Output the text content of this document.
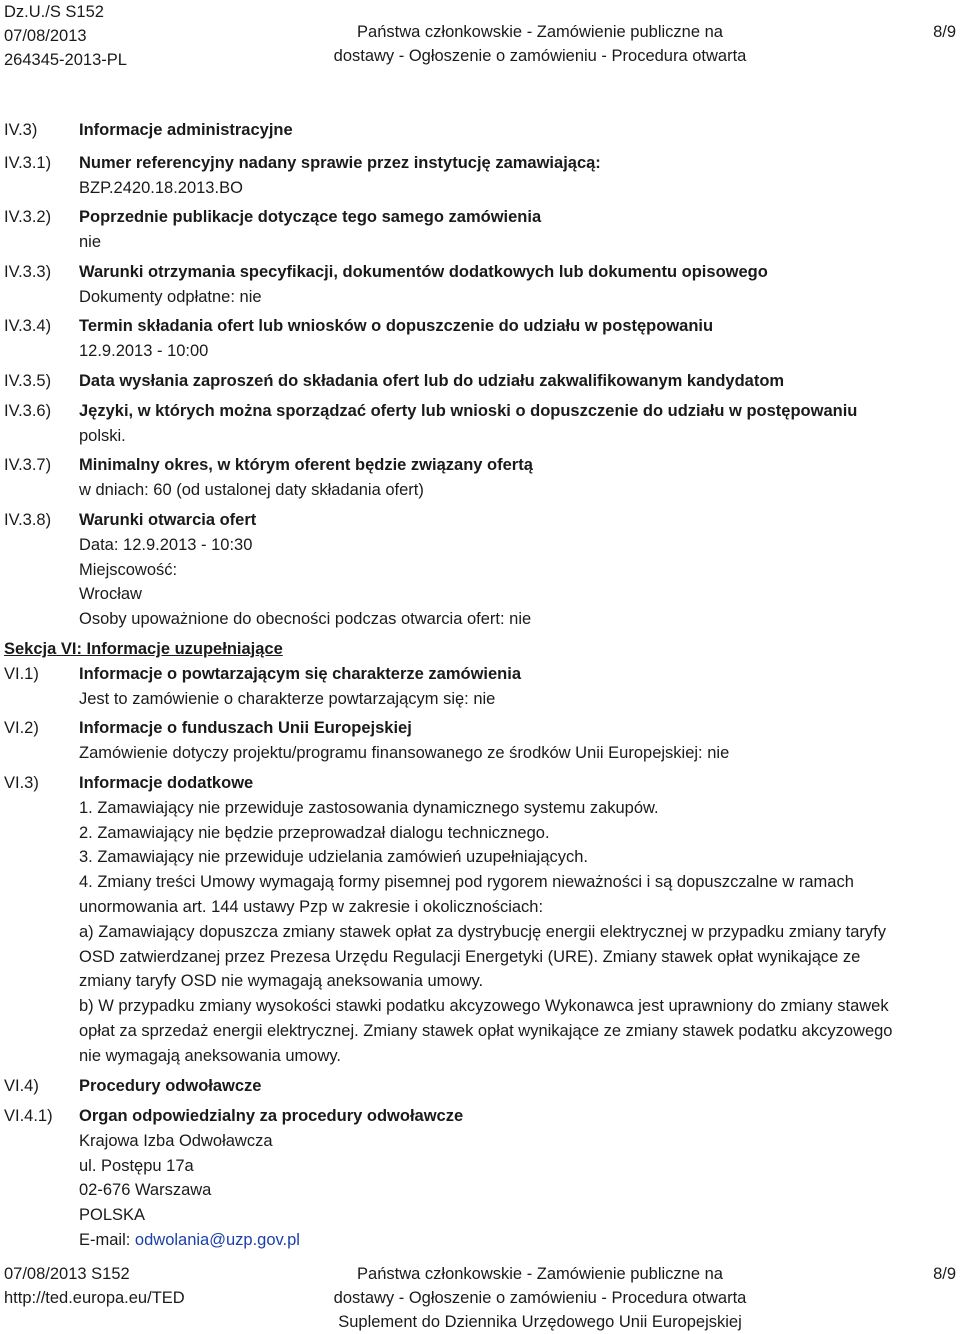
Dz.U./S S152
07/08/2013
264345-2013-PL
Państwa członkowskie - Zamówienie publiczne na
dostawy - Ogłoszenie o zamówieniu - Procedura otwarta
8/9
IV.3)	Informacje administracyjne
IV.3.1) Numer referencyjny nadany sprawie przez instytucję zamawiającą:
BZP.2420.18.2013.BO
IV.3.2) Poprzednie publikacje dotyczące tego samego zamówienia
nie
IV.3.3) Warunki otrzymania specyfikacji, dokumentów dodatkowych lub dokumentu opisowego
Dokumenty odpłatne: nie
IV.3.4) Termin składania ofert lub wniosków o dopuszczenie do udziału w postępowaniu
12.9.2013 - 10:00
IV.3.5) Data wysłania zaproszeń do składania ofert lub do udziału zakwalifikowanym kandydatom
IV.3.6) Języki, w których można sporządzać oferty lub wnioski o dopuszczenie do udziału w postępowaniu
polski.
IV.3.7) Minimalny okres, w którym oferent będzie związany ofertą
w dniach: 60 (od ustalonej daty składania ofert)
IV.3.8) Warunki otwarcia ofert
Data: 12.9.2013 - 10:30
Miejscowość:
Wrocław
Osoby upoważnione do obecności podczas otwarcia ofert: nie
Sekcja VI: Informacje uzupełniające
VI.1) Informacje o powtarzającym się charakterze zamówienia
Jest to zamówienie o charakterze powtarzającym się: nie
VI.2) Informacje o funduszach Unii Europejskiej
Zamówienie dotyczy projektu/programu finansowanego ze środków Unii Europejskiej: nie
VI.3) Informacje dodatkowe
1. Zamawiający nie przewiduje zastosowania dynamicznego systemu zakupów.
2. Zamawiający nie będzie przeprowadzał dialogu technicznego.
3. Zamawiający nie przewiduje udzielania zamówień uzupełniających.
4. Zmiany treści Umowy wymagają formy pisemnej pod rygorem nieważności i są dopuszczalne w ramach
unormowania art. 144 ustawy Pzp w zakresie i okolicznościach:
a) Zamawiający dopuszcza zmiany stawek opłat za dystrybucję energii elektrycznej w przypadku zmiany taryfy
OSD zatwierdzanej przez Prezesa Urzędu Regulacji Energetyki (URE). Zmiany stawek opłat wynikające ze
zmiany taryfy OSD nie wymagają aneksowania umowy.
b) W przypadku zmiany wysokości stawki podatku akcyzowego Wykonawca jest uprawniony do zmiany stawek
opłat za sprzedaż energii elektrycznej. Zmiany stawek opłat wynikające ze zmiany stawek podatku akcyzowego
nie wymagają aneksowania umowy.
VI.4) Procedury odwoławcze
VI.4.1) Organ odpowiedzialny za procedury odwoławcze
Krajowa Izba Odwoławcza
ul. Postępu 17a
02-676 Warszawa
POLSKA
E-mail: odwolania@uzp.gov.pl
07/08/2013 S152
http://ted.europa.eu/TED
Państwa członkowskie - Zamówienie publiczne na
dostawy - Ogłoszenie o zamówieniu - Procedura otwarta
Suplement do Dziennika Urzędowego Unii Europejskiej
8/9
